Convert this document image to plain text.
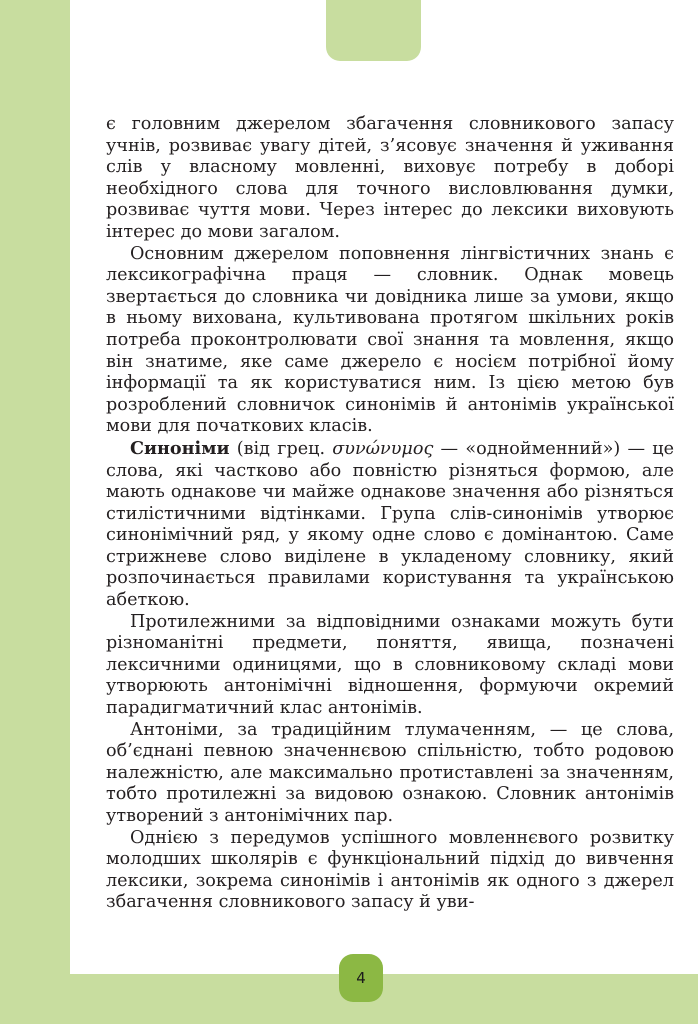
є головним джерелом збагачення словникового запасу учнів, розвиває увагу дітей, з’ясовує значення й уживання слів у власному мовленні, виховує потребу в доборі необхідного слова для точного висловлювання думки, розвиває чуття мови. Через інтерес до лексики виховують інтерес до мови загалом.

Основним джерелом поповнення лінгвістичних знань є лексикографічна праця — словник. Однак мовець звертається до словника чи довідника лише за умови, якщо в ньому вихована, культивована протягом шкільних років потреба проконтролювати свої знання та мовлення, якщо він знатиме, яке саме джерело є носієм потрібної йому інформації та як користуватися ним. Із цією метою був розроблений словничок синонімів й антонімів української мови для початкових класів.

Синоніми (від грец. συνώνυμος — «однойменний») — це слова, які частково або повністю різняться формою, але мають однакове чи майже однакове значення або різняться стилістичними відтінками. Група слів-синонімів утворює синонімічний ряд, у якому одне слово є домінантою. Саме стрижневе слово виділене в укладеному словнику, який розпочинається правилами користування та українською абеткою.

Протилежними за відповідними ознаками можуть бути різноманітні предмети, поняття, явища, позначені лексичними одиницями, що в словниковому складі мови утворюють антонімічні відношення, формуючи окремий парадигматичний клас антонімів.

Антоніми, за традиційним тлумаченням, — це слова, об’єднані певною значеннєвою спільністю, тобто родовою належністю, але максимально протиставлені за значенням, тобто протилежні за видовою ознакою. Словник антонімів утворений з антонімічних пар.

Однією з передумов успішного мовленнєвого розвитку молодших школярів є функціональний підхід до вивчення лексики, зокрема синонімів і антонімів як одного з джерел збагачення словникового запасу й уви-

4
